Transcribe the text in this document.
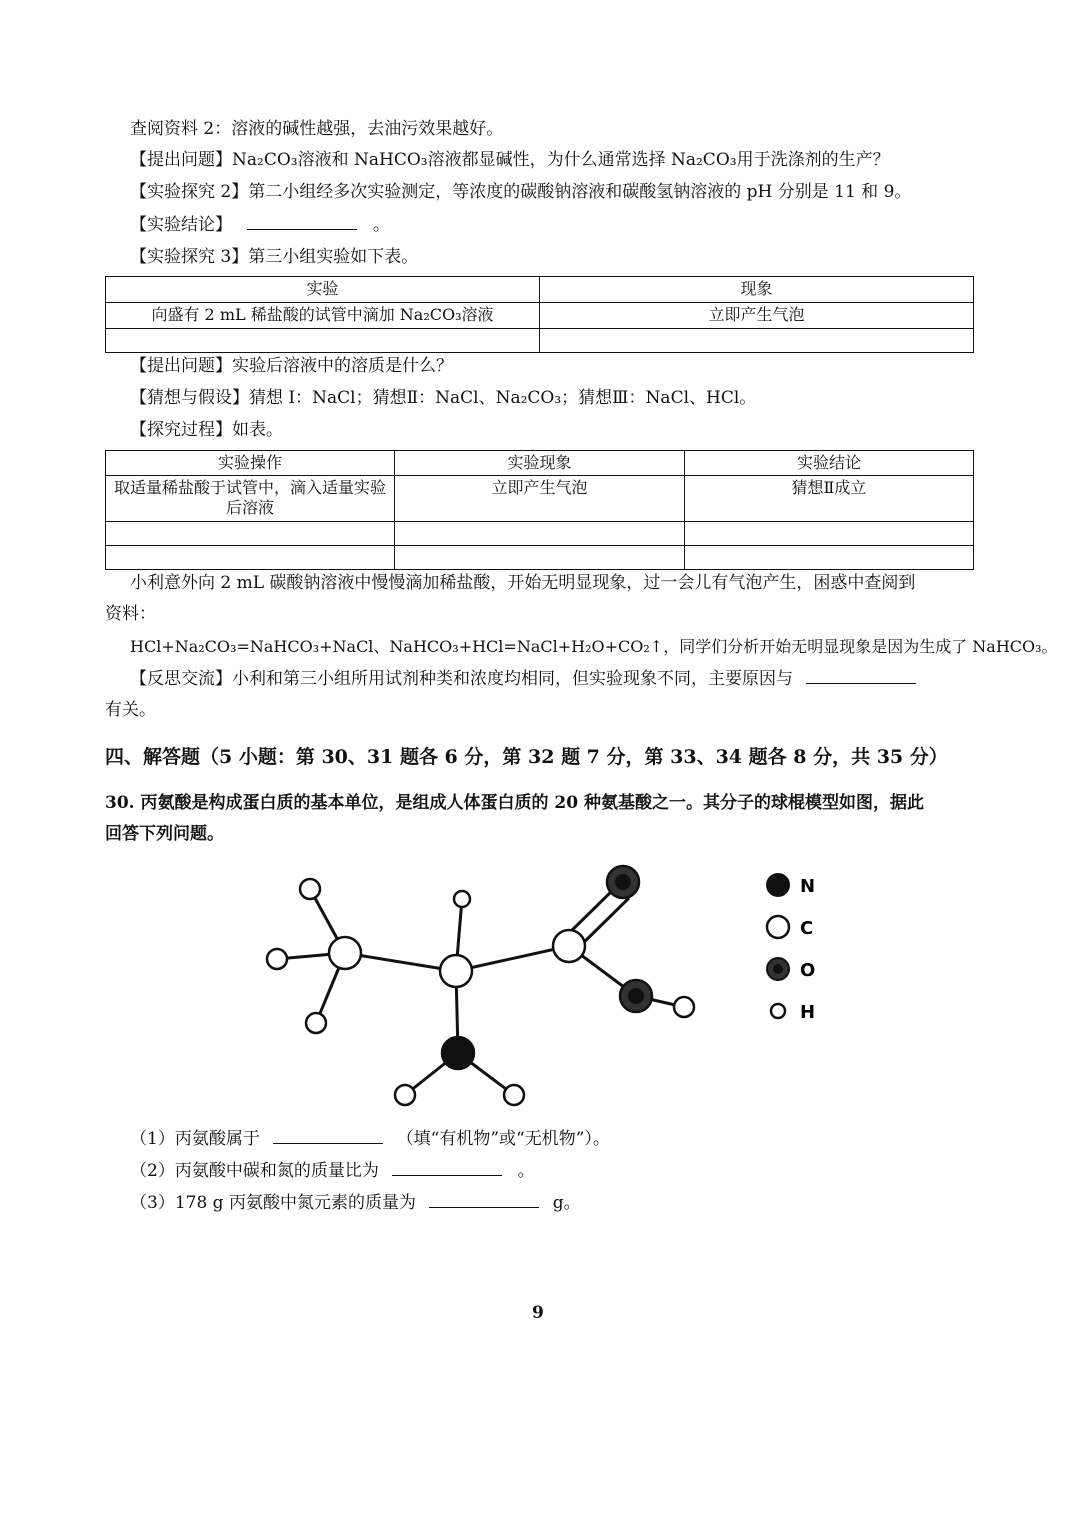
查阅资料 2：溶液的碱性越强，去油污效果越好。
【提出问题】Na₂CO₃溶液和 NaHCO₃溶液都显碱性，为什么通常选择 Na₂CO₃用于洗涤剂的生产？
【实验探究 2】第二小组经多次实验测定，等浓度的碳酸钠溶液和碳酸氢钠溶液的 pH 分别是 11 和 9。
【实验结论】	。
【实验探究 3】第三小组实验如下表。
实验	现象
向盛有 2 mL 稀盐酸的试管中滴加 Na₂CO₃溶液	立即产生气泡

【提出问题】实验后溶液中的溶质是什么？
【猜想与假设】猜想 I：NaCl；猜想Ⅱ：NaCl、Na₂CO₃；猜想Ⅲ：NaCl、HCl。
【探究过程】如表。
实验操作	实验现象	实验结论
取适量稀盐酸于试管中，滴入适量实验后溶液	立即产生气泡	猜想Ⅱ成立

小利意外向 2 mL 碳酸钠溶液中慢慢滴加稀盐酸，开始无明显现象，过一会儿有气泡产生，困惑中查阅到
资料：
HCl+Na₂CO₃=NaHCO₃+NaCl、NaHCO₃+HCl=NaCl+H₂O+CO₂↑，同学们分析开始无明显现象是因为生成了 NaHCO₃。
【反思交流】小利和第三小组所用试剂种类和浓度均相同，但实验现象不同，主要原因与
有关。
四、解答题（5 小题：第 30、31 题各 6 分，第 32 题 7 分，第 33、34 题各 8 分，共 35 分）
30. 丙氨酸是构成蛋白质的基本单位，是组成人体蛋白质的 20 种氨基酸之一。其分子的球棍模型如图，据此
回答下列问题。
N
C
O
H
（1）丙氨酸属于	（填“有机物”或“无机物”）。
（2）丙氨酸中碳和氮的质量比为	。
（3）178 g 丙氨酸中氮元素的质量为	g。
9
